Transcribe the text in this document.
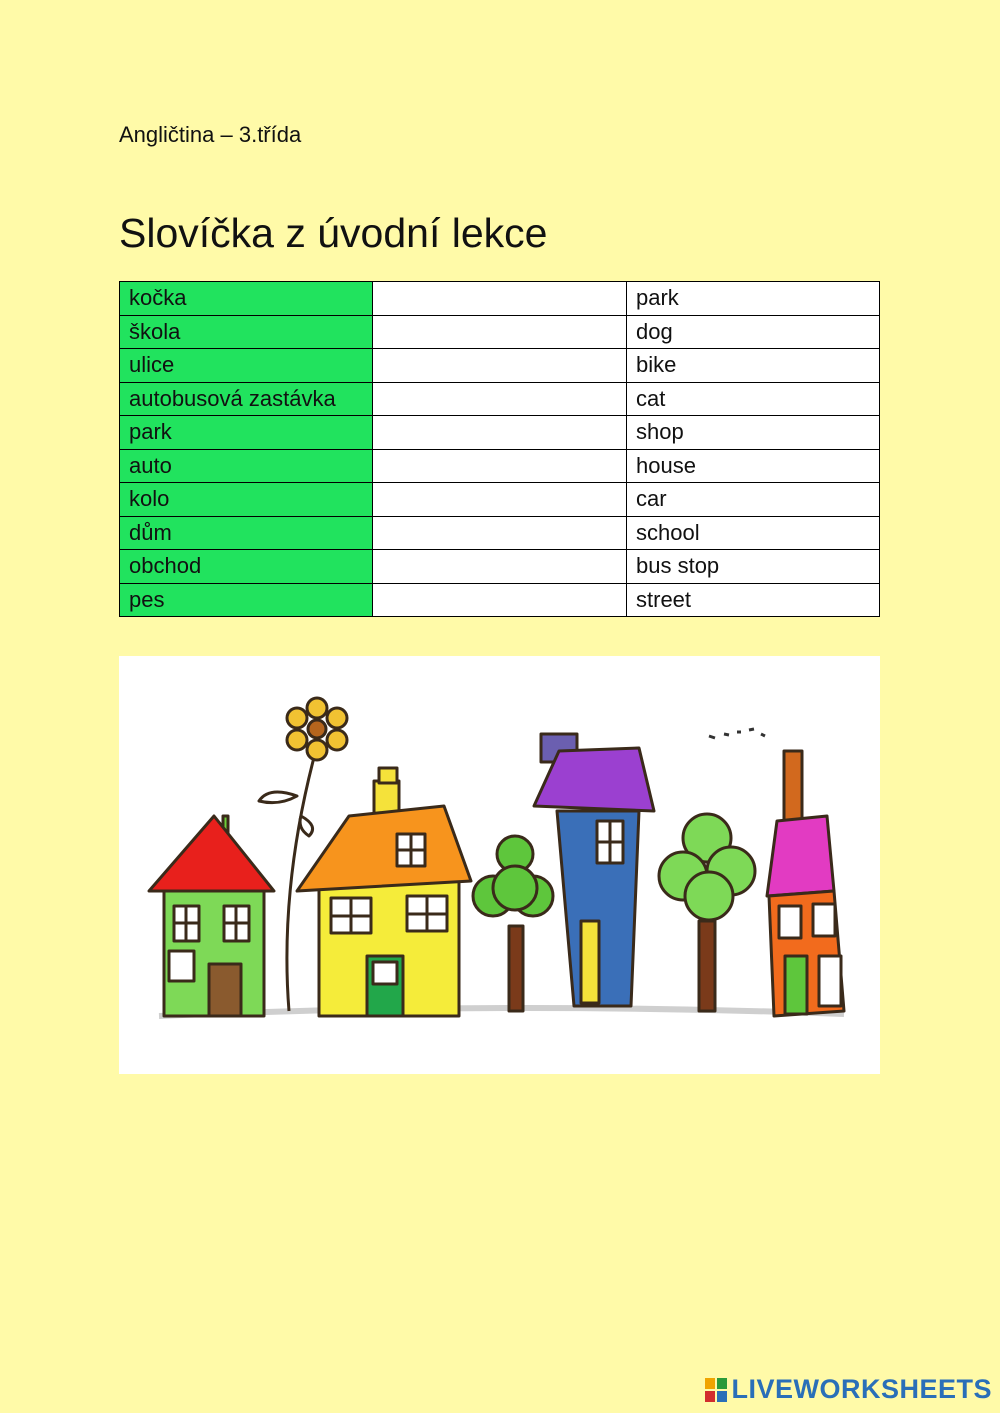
Angličtina – 3.třída
Slovíčka z úvodní lekce
kočka		park
škola		dog
ulice		bike
autobusová zastávka		cat
park		shop
auto		house
kolo		car
dům		school
obchod		bus stop
pes		street
LIVEWORKSHEETS
